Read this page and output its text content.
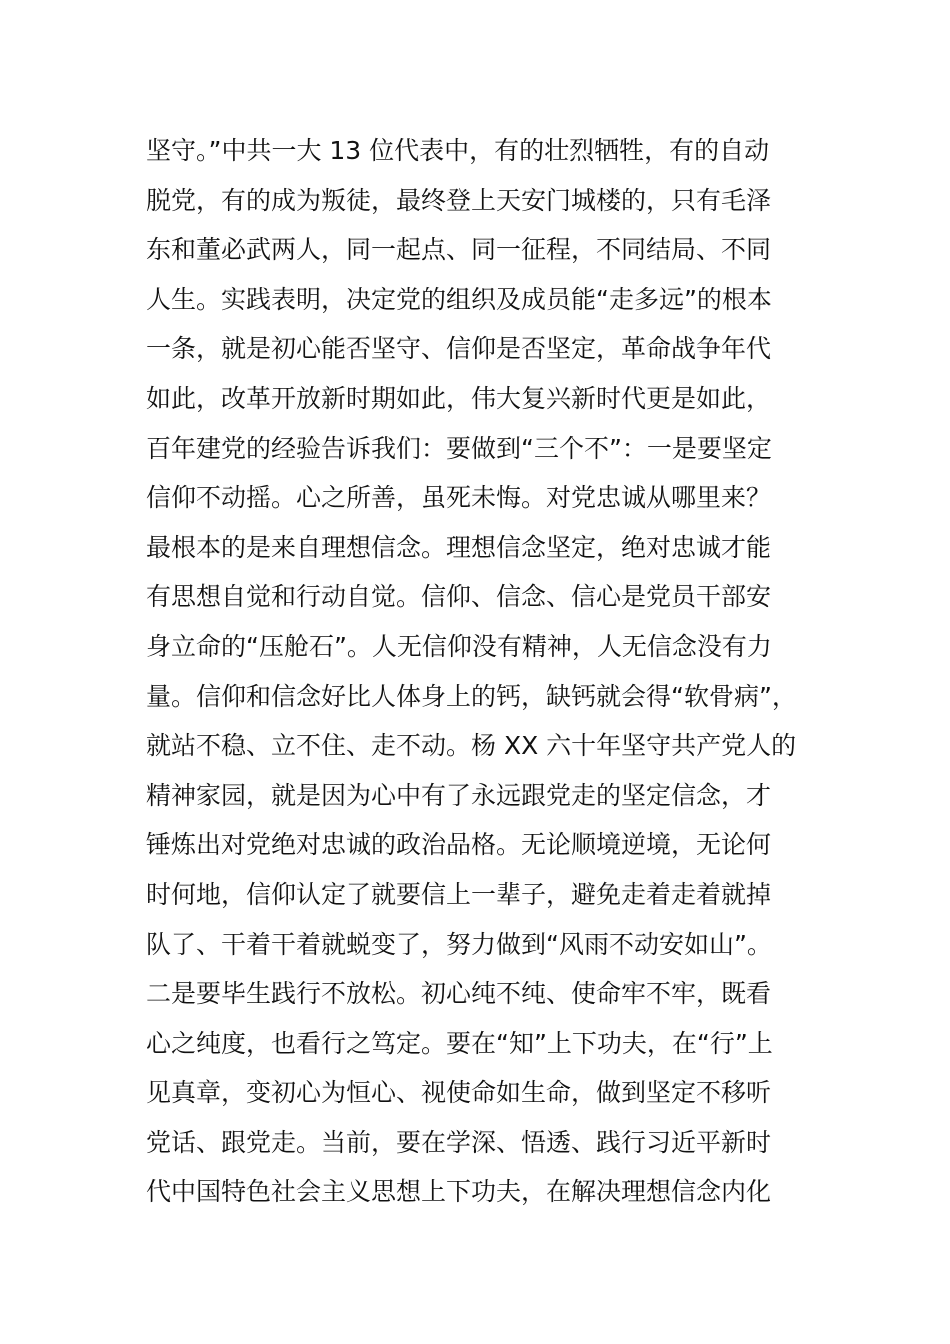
坚守。”中共一大 13 位代表中，有的壮烈牺牲，有的自动
脱党，有的成为叛徒，最终登上天安门城楼的，只有毛泽
东和董必武两人，同一起点、同一征程，不同结局、不同
人生。实践表明，决定党的组织及成员能“走多远”的根本
一条，就是初心能否坚守、信仰是否坚定，革命战争年代
如此，改革开放新时期如此，伟大复兴新时代更是如此，
百年建党的经验告诉我们：要做到“三个不”：一是要坚定
信仰不动摇。心之所善，虽死未悔。对党忠诚从哪里来？
最根本的是来自理想信念。理想信念坚定，绝对忠诚才能
有思想自觉和行动自觉。信仰、信念、信心是党员干部安
身立命的“压舱石”。人无信仰没有精神，人无信念没有力
量。信仰和信念好比人体身上的钙，缺钙就会得“软骨病”，
就站不稳、立不住、走不动。杨 XX 六十年坚守共产党人的
精神家园，就是因为心中有了永远跟党走的坚定信念，才
锤炼出对党绝对忠诚的政治品格。无论顺境逆境，无论何
时何地，信仰认定了就要信上一辈子，避免走着走着就掉
队了、干着干着就蜕变了，努力做到“风雨不动安如山”。
二是要毕生践行不放松。初心纯不纯、使命牢不牢，既看
心之纯度，也看行之笃定。要在“知”上下功夫，在“行”上
见真章，变初心为恒心、视使命如生命，做到坚定不移听
党话、跟党走。当前，要在学深、悟透、践行习近平新时
代中国特色社会主义思想上下功夫，在解决理想信念内化
